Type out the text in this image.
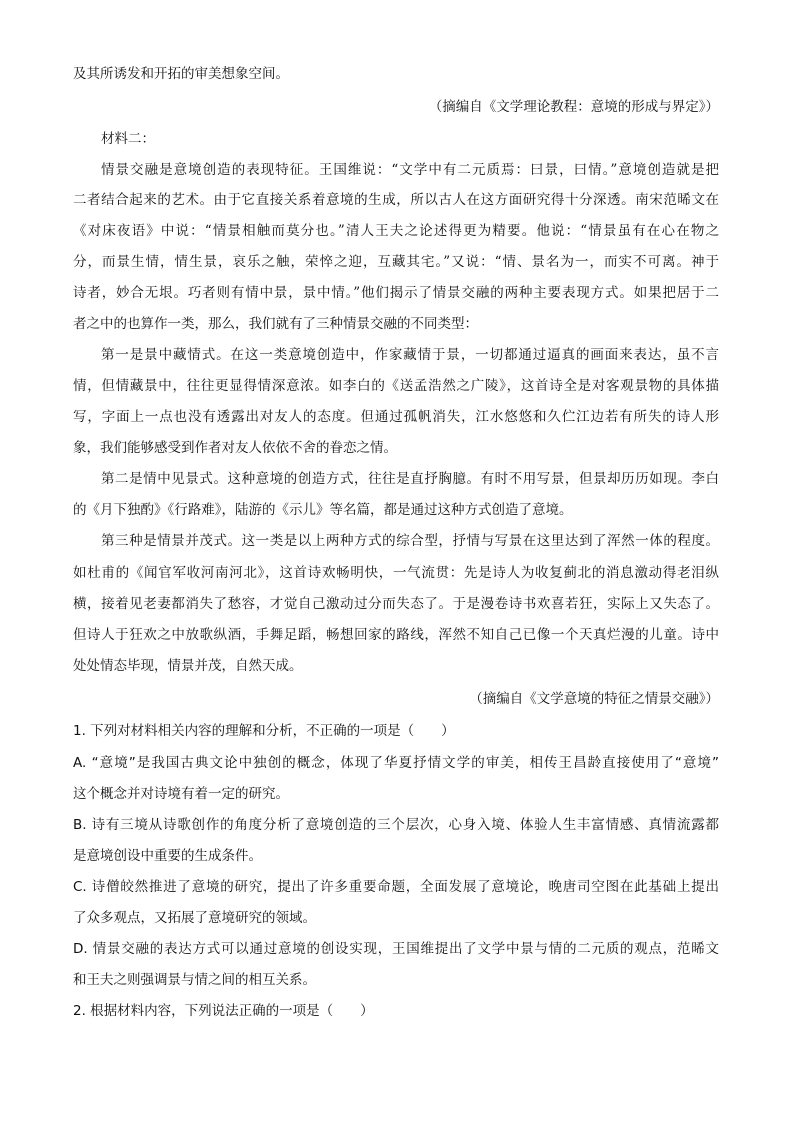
及其所诱发和开拓的审美想象空间。
（摘编自《文学理论教程：意境的形成与界定》）
材料二：
情景交融是意境创造的表现特征。王国维说：“文学中有二元质焉：曰景，曰情。”意境创造就是把
二者结合起来的艺术。由于它直接关系着意境的生成，所以古人在这方面研究得十分深透。南宋范晞文在
《对床夜语》中说：“情景相触而莫分也。”清人王夫之论述得更为精要。他说：“情景虽有在心在物之
分，而景生情，情生景，哀乐之触，荣悴之迎，互藏其宅。”又说：“情、景名为一，而实不可离。神于
诗者，妙合无垠。巧者则有情中景，景中情。”他们揭示了情景交融的两种主要表现方式。如果把居于二
者之中的也算作一类，那么，我们就有了三种情景交融的不同类型：
第一是景中藏情式。在这一类意境创造中，作家藏情于景，一切都通过逼真的画面来表达，虽不言
情，但情藏景中，往往更显得情深意浓。如李白的《送孟浩然之广陵》，这首诗全是对客观景物的具体描
写，字面上一点也没有透露出对友人的态度。但通过孤帆消失，江水悠悠和久伫江边若有所失的诗人形
象，我们能够感受到作者对友人依依不舍的眷恋之情。
第二是情中见景式。这种意境的创造方式，往往是直抒胸臆。有时不用写景，但景却历历如现。李白
的《月下独酌》《行路难》，陆游的《示儿》等名篇，都是通过这种方式创造了意境。
第三种是情景并茂式。这一类是以上两种方式的综合型，抒情与写景在这里达到了浑然一体的程度。
如杜甫的《闻官军收河南河北》，这首诗欢畅明快，一气流贯：先是诗人为收复蓟北的消息激动得老泪纵
横，接着见老妻都消失了愁容，才觉自己激动过分而失态了。于是漫卷诗书欢喜若狂，实际上又失态了。
但诗人于狂欢之中放歌纵酒，手舞足蹈，畅想回家的路线，浑然不知自己已像一个天真烂漫的儿童。诗中
处处情态毕现，情景并茂，自然天成。
（摘编自《文学意境的特征之情景交融》）
1. 下列对材料相关内容的理解和分析，不正确的一项是（　　）
A. “意境”是我国古典文论中独创的概念，体现了华夏抒情文学的审美，相传王昌龄直接使用了“意境”
这个概念并对诗境有着一定的研究。
B. 诗有三境从诗歌创作的角度分析了意境创造的三个层次，心身入境、体验人生丰富情感、真情流露都
是意境创设中重要的生成条件。
C. 诗僧皎然推进了意境的研究，提出了许多重要命题，全面发展了意境论，晚唐司空图在此基础上提出
了众多观点，又拓展了意境研究的领域。
D. 情景交融的表达方式可以通过意境的创设实现，王国维提出了文学中景与情的二元质的观点，范晞文
和王夫之则强调景与情之间的相互关系。
2. 根据材料内容，下列说法正确的一项是（　　）
